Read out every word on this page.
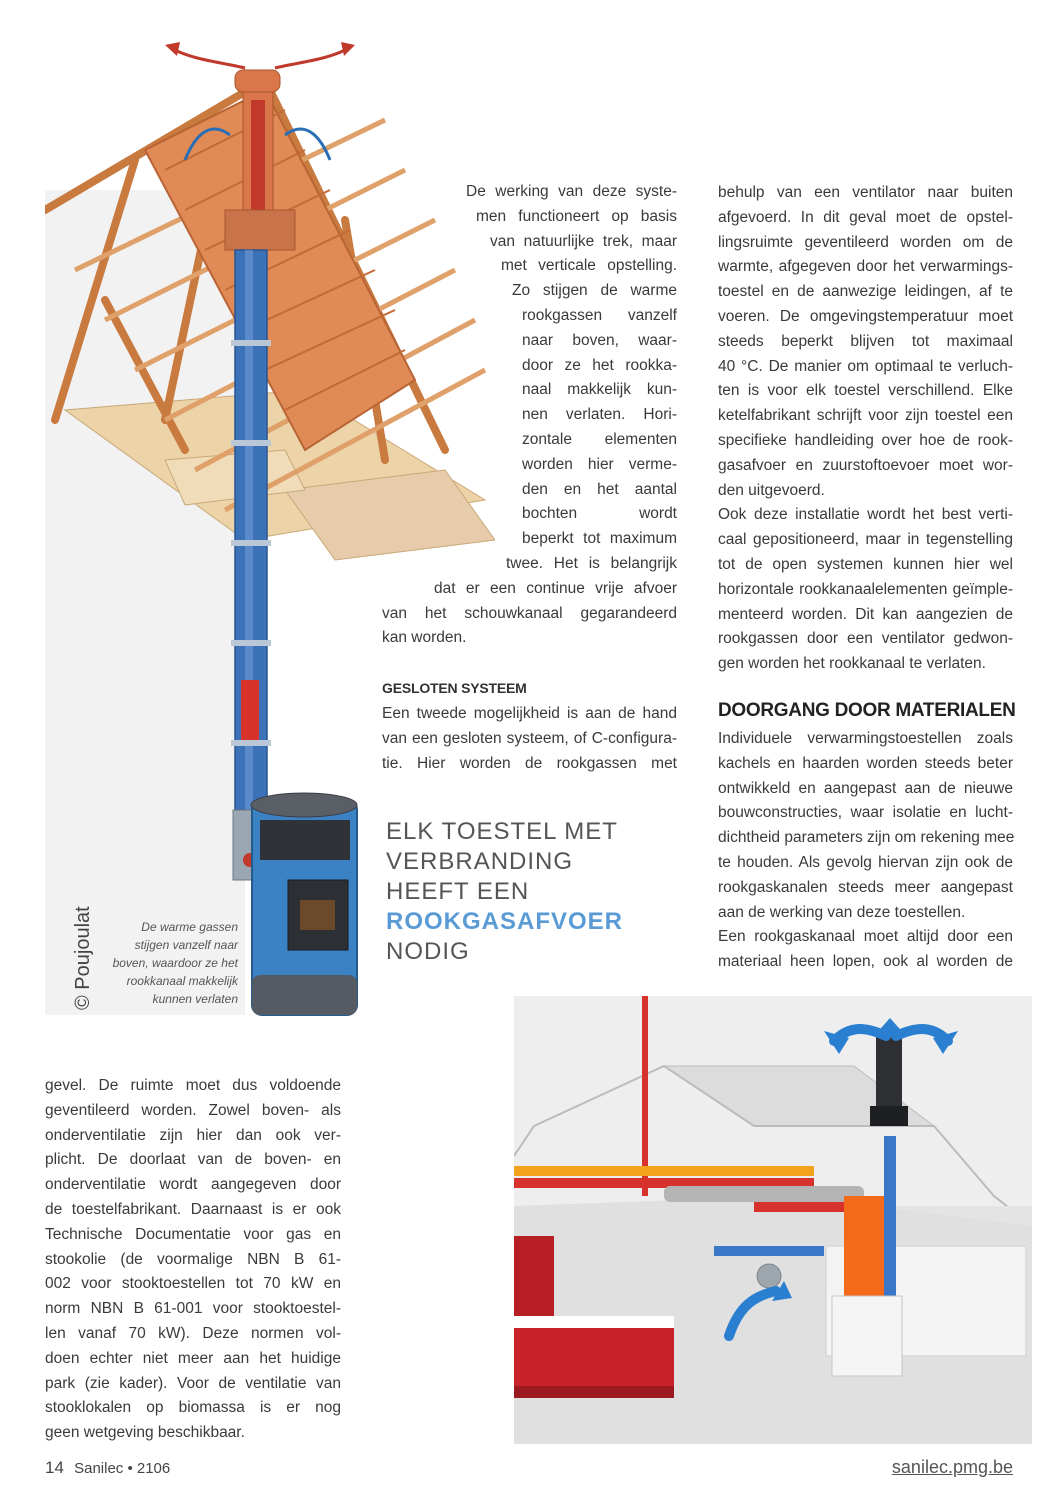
© Poujoulat	De warme gassen
stijgen vanzelf naar
boven, waardoor ze het
rookkanaal makkelijk
kunnen verlaten
De werking van deze syste-
men functioneert op basis
van natuurlijke trek, maar
met verticale opstelling.
Zo stijgen de warme
rookgassen vanzelf
naar boven, waar-
door ze het rookka-
naal makkelijk kun-
nen verlaten. Hori-
zontale elementen
worden hier verme-
den en het aantal
bochten wordt
beperkt tot maximum
twee. Het is belangrijk
dat er een continue vrije afvoer
van het schouwkanaal gegarandeerd
kan worden.
GESLOTEN SYSTEEM
Een tweede mogelijkheid is aan de hand
van een gesloten systeem, of C-configura-
tie. Hier worden de rookgassen met
ELK TOESTEL MET
VERBRANDING
HEEFT EEN
ROOKGASAFVOER
NODIG
behulp van een ventilator naar buiten
afgevoerd. In dit geval moet de opstel-
lingsruimte geventileerd worden om de
warmte, afgegeven door het verwarmings-
toestel en de aanwezige leidingen, af te
voeren. De omgevingstemperatuur moet
steeds beperkt blijven tot maximaal
40 °C. De manier om optimaal te verluch-
ten is voor elk toestel verschillend. Elke
ketelfabrikant schrijft voor zijn toestel een
specifieke handleiding over hoe de rook-
gasafvoer en zuurstoftoevoer moet wor-
den uitgevoerd.
Ook deze installatie wordt het best verti-
caal gepositioneerd, maar in tegenstelling
tot de open systemen kunnen hier wel
horizontale rookkanaalelementen geïmple-
menteerd worden. Dit kan aangezien de
rookgassen door een ventilator gedwon-
gen worden het rookkanaal te verlaten.
DOORGANG DOOR MATERIALEN
Individuele verwarmingstoestellen zoals
kachels en haarden worden steeds beter
ontwikkeld en aangepast aan de nieuwe
bouwconstructies, waar isolatie en lucht-
dichtheid parameters zijn om rekening mee
te houden. Als gevolg hiervan zijn ook de
rookgaskanalen steeds meer aangepast
aan de werking van deze toestellen.
Een rookgaskanaal moet altijd door een
materiaal heen lopen, ook al worden de
gevel. De ruimte moet dus voldoende
geventileerd worden. Zowel boven- als
onderventilatie zijn hier dan ook ver-
plicht. De doorlaat van de boven- en
onderventilatie wordt aangegeven door
de toestelfabrikant. Daarnaast is er ook
Technische Documentatie voor gas en
stookolie (de voormalige NBN B 61-
002 voor stooktoestellen tot 70 kW en
norm NBN B 61-001 voor stooktoestel-
len vanaf 70 kW). Deze normen vol-
doen echter niet meer aan het huidige
park (zie kader). Voor de ventilatie van
stooklokalen op biomassa is er nog
geen wetgeving beschikbaar.
14 Sanilec • 2106	sanilec.pmg.be
